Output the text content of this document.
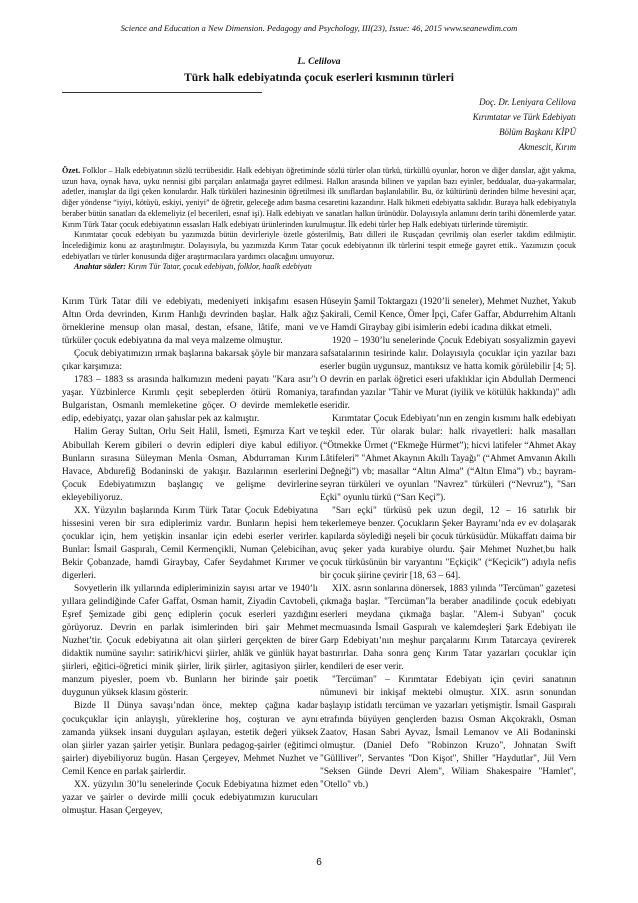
Science and Education a New Dimension. Pedagogy and Psychology, III(23), Issue: 46, 2015 www.seanewdim.com
L. Celilova
Türk halk edebiyatında çocuk eserleri kısmının türleri
Doç. Dr. Leniyara Celilova
Kırımtatar ve Türk Edebiyatı
Bölüm Başkanı KİPÜ
Akmescit, Kırım

Özet. Folklor – Halk edebiyatının sözlü tecrübesidir. Halk edebiyatı öğretiminde sözlü türler olan türkü, türküllü oyunlar, horon ve diğer danslar, ağıt yakma, uzun hava, oynak hava, uyku nennisi gibi parçaları anlatmağa gayret edilmesi. Halkın arasında bilinen ve yapılan bazı eyinler, beddualar, dua-yakarmalar, adetler, inanışlar da ilgi çeken konulardır. Halk türküleri hazinesinin öğretilmesi ilk sınıflardan başlanılabilir. Bu, öz kültürünü derinden bilme hevesini açar, diğer yöndense “iyiyi, kötüyü, eskiyi, yeniyi” de öğretir, geleceğe adım basma cesaretini kazandırır. Halk hikmeti edebiyatta saklıdır. Buraya halk edebiyatıyla beraber bütün sanatları da eklemeliyiz (el becerileri, esnaf işi). Halk edebiyatı ve sanatları halkın ürünüdür. Dolayısıyla anlamını derin tarihi dönemlerde yatar. Kırım Türk Tatar çocuk edebiyatının essasları Halk edebiyatı ürünlerinden kurulmuştur. İlk edebi türler hep Halk edebiyatı türlerinde türemiştir.

Kırımtatar çocuk edebiyatı bu yazımızda bütün devirleriyle özetle gösterilmiş, Batı dilleri ile Rusçadan çevrilmiş olan eserler takdim edilmiştir. İncelediğimiz konu az araştırılmıştır. Dolayısıyla, bu yazımızda Kırım Tatar çocuk edebiyatının ilk türlerini tespit etmeğe gayret ettik.. Yazımızın çocuk edebiyatları ve türler konusunda diğer araştırmacılara yardımcı olacağını umuyoruz.

Anahtar sözler: Kırım Tür Tatar, çocuk edebiyatı, folklor, haalk edebiyatı

Kırım Türk Tatar dili ve edebiyatı, medeniyeti inkişafını esasen Altın Orda devrinden, Kırım Hanlığı devrinden başlar. Halk ağız örneklerine mensup olan masal, destan, efsane, lâtife, mani ve türküler çocuk edebiyatına da mal veya malzeme olmuştur.

Çocuk debiyatımızın ırmak başlarına bakarsak şöyle bir manzara çıkar karşımıza:

1783 – 1883 ss arasında halkımızın medeni payatı "Kara asır"ı yaşar. Yüzbinlerce Kırımlı çeşit sebeplerden ötürü Romaniya, Bulgaristan, Osmanlı memleketine göçer. O devirde memleketle edip, edebiyatçı, yazar olan şahıslar pek az kalmıştır.

Halim Geray Sultan, Orlu Seit Halil, İsmeti, Eşmırza Kart ve Abibullah Kerem gibileri o devrin edipleri diye kabul ediliyor. Bunların sırasına Süleyman Menla Osman, Abdurraman Kırım Havace, Abdurefiğ Bodaninski de yakışır. Bazılarının eserlerini Çocuk Edebiyatımızın başlangıç ve gelişme devirlerine ekleyebiliyoruz.

XX. Yüzyılın başlarında Kırım Türk Tatar Çocuk Edebiyatına hissesini veren bir sıra ediplerimiz vardır. Bunların hepisi hem çocuklar için, hem yetişkin insanlar için edebi eserler verirler. Bunlar: İsmail Gaspıralı, Cemil Kermençikli, Numan Çelebicihan, Bekir Çobanzade, hamdi Giraybay, Cafer Seydahmet Kırımer ve digerleri.

Sovyetlerin ilk yıllarında edipleriminizin sayısı artar ve 1940’lı yıllara gelindiğinde Cafer Gaffat, Osman hamit, Ziyadin Cavtobeli, Eşref Şemizade gibi genç ediplerin çocuk eserleri yazdığını görüyoruz. Devrin en parlak isimlerinden biri şair Mehmet Nuzhet’tir. Çocuk edebiyatına ait olan şiirleri gerçekten de birer didaktik numüne sayılır: satirik/hicvi şiirler, ahlâk ve günlük hayat şiirleri, eğitici-öğretici minik şiirler, lirik şiirler, agitasiyon şiirler, manzum piyesler, poem vb. Bunların her birinde şair poetik duygunun yüksek klasını gösterir.

Bizde II Dünya savaşı’ndan önce, mektep çağına kadar çocukçuklar için anlayışlı, yüreklerine hoş, coşturan ve aynı zamanda yüksek insani duyguları aşılayan, estetik değeri yüksek olan şiirler yazan şairler yetişir. Bunlara pedagog-şairler (eğitimci şairler) diyebiliyoruz bugün. Hasan Çergeyev, Mehmet Nuzhet ve Cemil Kence en parlak şairlerdir.

XX. yüzyılın 30’lu senelerinde Çocuk Edebiyatına hizmet eden yazar ve şairler o devirde milli çocuk edebiyatımızın kurucuları olmuştur. Hasan Çergeyev,

Hüseyin Şamil Toktargazı (1920’li seneler), Mehmet Nuzhet, Yakub Şakirali, Cemil Kence, Ömer İpçi, Cafer Gaffar, Abdurrehim Altanlı ve Hamdi Giraybay gibi isimlerin edebi icadına dikkat etmeli.

1920 – 1930’lu senelerinde Çocuk Edebiyatı sosyalizmin gayevi safsatalarının tesirinde kalır. Dolayısıyla çocuklar için yazılar bazı eserler bugün uygunsuz, mantıksız ve hatta komik görülebilir [4; 5]. O devrin en parlak öğretici eseri ufaklıklar için Abdullah Dermenci tarafından yazılar "Tahir ve Murat (iyilik ve kötülük hakkında)" adlı eseridir.

Kırımtatar Çocuk Edebiyatı’nın en zengin kısmını halk edebiyatı teşkil eder. Tür olarak bular: halk rivayetleri: halk masalları (“Ötmekke Ürmet (“Ekmeğe Hürmet”); hicvi latifeler “Ahmet Akay Lâtifeleri” "Ahmet Akaynın Akıllı Tayağı" (“Ahmet Amvanın Akıllı Değneği”) vb; masallar “Altın Alma” (“Altın Elma”) vb.; bayram-seyran türküleri ve oyunları "Navrez" türküleri (“Nevruz”), "Sarı Eçki" oyunlu türkü (“Sarı Keçi”).

"Sarı eçki" türküsü pek uzun degil, 12 – 16 satırlık bir tekerlemeye benzer. Çocukların Şeker Bayramı’nda ev ev dolaşarak kapılarda söylediği neşeli bir çocuk türküsüdür. Mükaffatı daima bir avuç şeker yada kurabiye olurdu. Şair Mehmet Nuzhet,bu halk çocuk türküsünün bir varyantını "Eçkiçik" (“Keçicik”) adıyla nefis bir çocuk şiirine çevirir [18, 63 – 64].

XIX. asrın sonlarına dönersek, 1883 yılında "Tercüman" gazetesi çıkmağa başlar. "Tercüman"la beraber anadilinde çocuk edebiyatı eserleri meydana çıkmağa başlar. "Alem-i Subyan" çocuk mecmuasında İsmail Gaspıralı ve kalemdeşleri Şark Edebiyatı ile Garp Edebiyatı’nın meşhur parçalarını Kırım Tatarcaya çevirerek bastırırlar. Daha sonra genç Kırım Tatar yazarları çocuklar için kendileri de eser verir.

"Tercüman" – Kırımtatar Edebiyatı için çeviri sanatının nümunevi bir inkişaf mektebi olmuştur. XIX. asrın sonundan başlayıp istidatlı tercüman ve yazarları yetişmiştir. İsmail Gaspıralı etrafında büyüyen gençlerden bazısı Osman Akçokraklı, Osman Zaatov, Hasan Sabri Ayvaz, İsmail Lemanov ve Ali Bodaninski olmuştur. (Daniel Defo "Robinzon Kruzo", Johnatan Swift "Güllliver", Servantes "Don Kişot", Shiller "Haydutlar", Jül Vern "Seksen Günde Devri Alem", Wiliam Shakespaire "Hamlet", "Otello" vb.)

6
